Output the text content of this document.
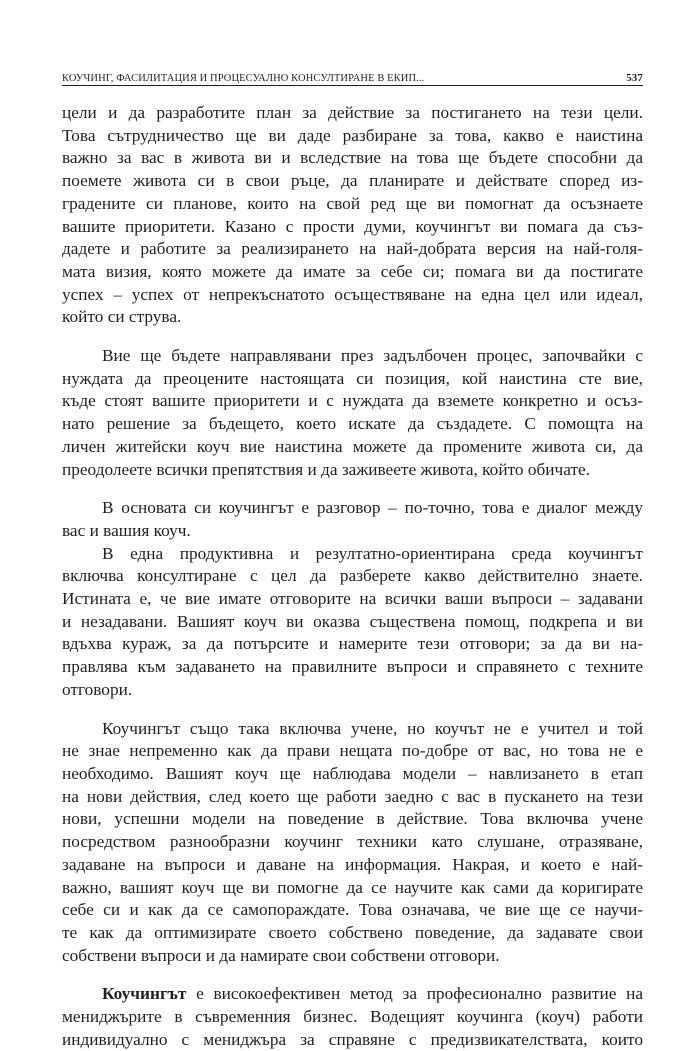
КОУЧИНГ, ФАСИЛИТАЦИЯ И ПРОЦЕСУАЛНО КОНСУЛТИРАНЕ В ЕКИП...	537

цели и да разработите план за действие за постигането на тези цели.
Това сътрудничество ще ви даде разбиране за това, какво е наистина
важно за вас в живота ви и вследствие на това ще бъдете способни да
поемете живота си в свои ръце, да планирате и действате според из-
градените си планове, които на свой ред ще ви помогнат да осъзнаете
вашите приоритети. Казано с прости думи, коучингът ви помага да съз-
дадете и работите за реализирането на най-добрата версия на най-голя-
мата визия, която можете да имате за себе си; помага ви да постигате
успех – успех от непрекъснатото осъществяване на една цел или идеал,
който си струва.

Вие ще бъдете направлявани през задълбочен процес, започвайки с
нуждата да преоцените настоящата си позиция, кой наистина сте вие,
къде стоят вашите приоритети и с нуждата да вземете конкретно и осъз-
нато решение за бъдещето, което искате да създадете. С помощта на
личен житейски коуч вие наистина можете да промените живота си, да
преодолеете всички препятствия и да заживеете живота, който обичате.

В основата си коучингът е разговор – по-точно, това е диалог между
вас и вашия коуч.

В една продуктивна и резултатно-ориентирана среда коучингът
включва консултиране с цел да разберете какво действително знаете.
Истината е, че вие имате отговорите на всички ваши въпроси – задавани
и незадавани. Вашият коуч ви оказва съществена помощ, подкрепа и ви
вдъхва кураж, за да потърсите и намерите тези отговори; за да ви на-
правлява към задаването на правилните въпроси и справянето с техните
отговори.

Коучингът също така включва учене, но коучът не е учител и той
не знае непременно как да прави нещата по-добре от вас, но това не е
необходимо. Вашият коуч ще наблюдава модели – навлизането в етап
на нови действия, след което ще работи заедно с вас в пускането на тези
нови, успешни модели на поведение в действие. Това включва учене
посредством разнообразни коучинг техники като слушане, отразяване,
задаване на въпроси и даване на информация. Накрая, и което е най-
важно, вашият коуч ще ви помогне да се научите как сами да коригирате
себе си и как да се самопораждате. Това означава, че вие ще се научи-
те как да оптимизирате своето собствено поведение, да задавате свои
собствени въпроси и да намирате свои собствени отговори.

Коучингът е високоефективен метод за професионално развитие на
мениджърите в съвременния бизнес. Водещият коучинга (коуч) работи
индивидуално с мениджъра за справяне с предизвикателствата, които
